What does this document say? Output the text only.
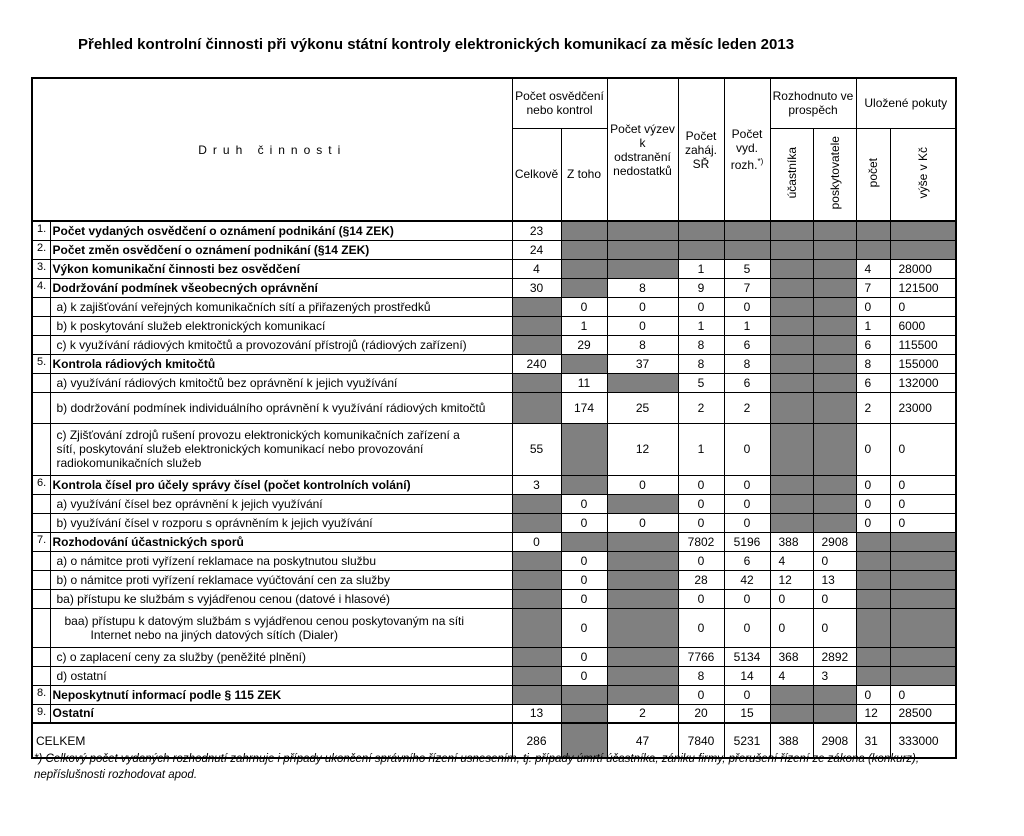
Přehled kontrolní činnosti při výkonu státní kontroly elektronických komunikací za měsíc leden 2013
Druh činnosti	Počet osvědčení nebo kontrol	Počet výzev k odstranění nedostatků	Počet zaháj. SŘ	Počet vyd. rozh.*)	Rozhodnuto ve prospěch	Uložené pokuty
Celkově	Z toho	účastníka	poskytovatele	počet	výše v Kč
1.	Počet vydaných osvědčení o oznámení podnikání (§14 ZEK)	23								
2.	Počet změn osvědčení o oznámení podnikání (§14 ZEK)	24								
3.	Výkon komunikační činnosti bez osvědčení	4			1	5			4	28000
4.	Dodržování podmínek všeobecných oprávnění	30		8	9	7			7	121500
	a) k zajišťování veřejných komunikačních sítí a přiřazených prostředků		0	0	0	0			0	0
	b) k poskytování služeb elektronických komunikací		1	0	1	1			1	6000
	c) k využívání rádiových kmitočtů a provozování přístrojů (rádiových zařízení)		29	8	8	6			6	115500
5.	Kontrola rádiových kmitočtů	240		37	8	8			8	155000
	a) využívání rádiových kmitočtů bez oprávnění k jejich využívání		11		5	6			6	132000
	b) dodržování podmínek individuálního oprávnění k využívání rádiových kmitočtů		174	25	2	2			2	23000

c) Zjišťování zdrojů rušení provozu elektronických komunikačních zařízení a
sítí, poskytování služeb elektronických komunikací nebo provozování
radiokomunikačních služeb	55		12	1	0			0	0
6.	Kontrola čísel pro účely správy čísel (počet kontrolních volání)	3		0	0	0			0	0
	a) využívání čísel bez oprávnění k jejich využívání		0		0	0			0	0
	b) využívání čísel v rozporu s oprávněním k jejich využívání		0	0	0	0			0	0
7.	Rozhodování účastnických sporů	0			7802	5196	388	2908		
	a) o námitce proti vyřízení reklamace na poskytnutou službu		0		0	6	4	0		
	b) o námitce proti vyřízení reklamace vyúčtování cen za služby		0		28	42	12	13		
	ba) přístupu ke službám s vyjádřenou cenou (datové i hlasové)		0		0	0	0	0		

baa) přístupu k datovým službám s vyjádřenou cenou poskytovaným na síti
Internet nebo na jiných datových sítích (Dialer)		0		0	0	0	0		
	c) o zaplacení ceny za služby (peněžité plnění)		0		7766	5134	368	2892		
	d) ostatní		0		8	14	4	3		
8.	Neposkytnutí informací podle § 115 ZEK				0	0			0	0
9.	Ostatní	13		2	20	15			12	28500
	CELKEM	286		47	7840	5231	388	2908	31	333000
*) Celkový počet vydaných rozhodnutí zahrnuje i případy ukončení správního řízení usnesením, tj. případy úmrtí účastníka, zániku firmy, přerušení řízení ze zákona (konkurz), nepříslušnosti rozhodovat apod.
